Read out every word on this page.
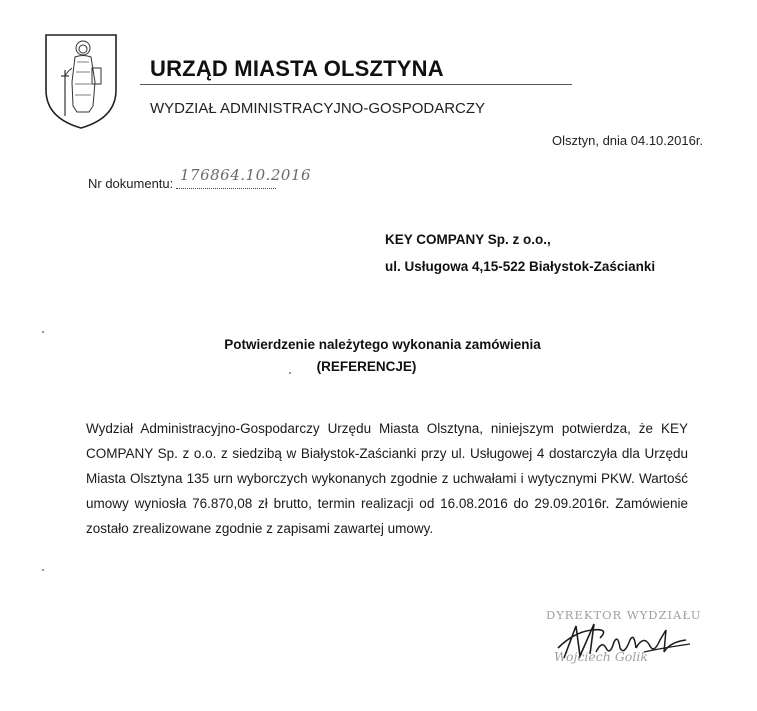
URZĄD MIASTA OLSZTYNA
WYDZIAŁ ADMINISTRACYJNO-GOSPODARCZY
Olsztyn, dnia 04.10.2016r.
Nr dokumentu: 176864.10.2016
KEY COMPANY Sp. z o.o.,
ul. Usługowa 4,15-522 Białystok-Zaścianki
Potwierdzenie należytego wykonania zamówienia
(REFERENCJE)
Wydział Administracyjno-Gospodarczy Urzędu Miasta Olsztyna, niniejszym potwierdza, że KEY COMPANY Sp. z o.o. z siedzibą w Białystok-Zaścianki przy ul. Usługowej 4 dostarczyła dla Urzędu Miasta Olsztyna 135 urn wyborczych wykonanych zgodnie z uchwałami i wytycznymi PKW. Wartość umowy wyniosła 76.870,08 zł brutto, termin realizacji od 16.08.2016 do 29.09.2016r. Zamówienie zostało zrealizowane zgodnie z zapisami zawartej umowy.
DYREKTOR WYDZIAŁU
Wojciech Golik
